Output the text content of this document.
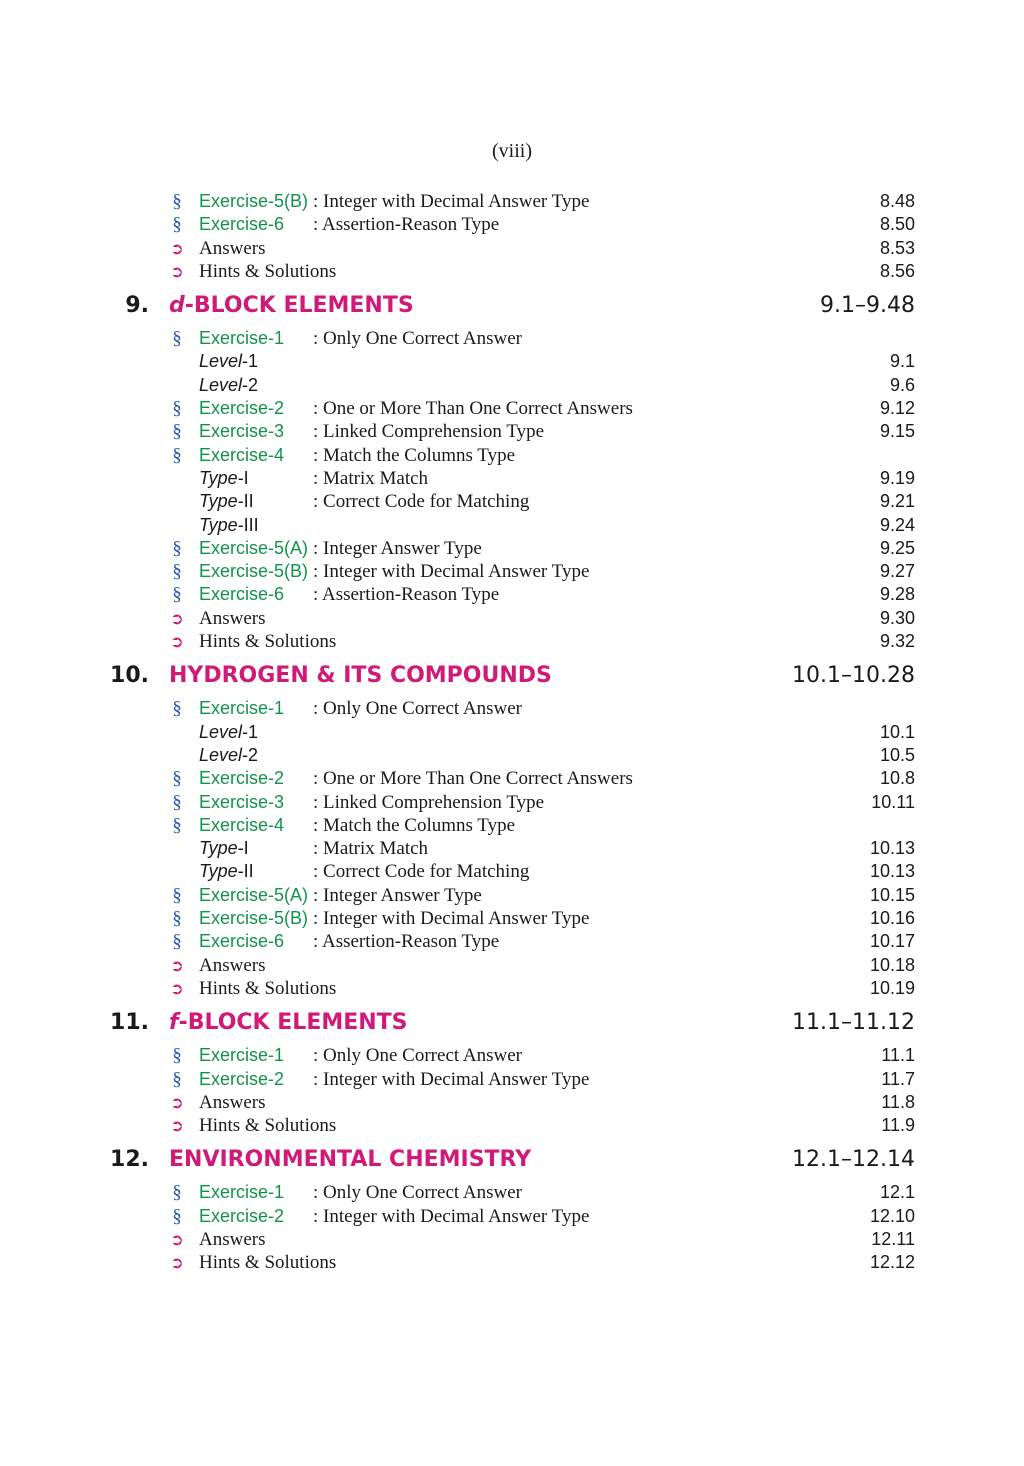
(viii)
§ Exercise-5(B) : Integer with Decimal Answer Type	8.48
§ Exercise-6 : Assertion-Reason Type	8.50
➲ Answers	8.53
➲ Hints & Solutions	8.56
9. d-BLOCK ELEMENTS	9.1–9.48
§ Exercise-1 : Only One Correct Answer
Level-1	9.1
Level-2	9.6
§ Exercise-2 : One or More Than One Correct Answers	9.12
§ Exercise-3 : Linked Comprehension Type	9.15
§ Exercise-4 : Match the Columns Type
Type-I	: Matrix Match	9.19
Type-II	: Correct Code for Matching	9.21
Type-III	9.24
§ Exercise-5(A) : Integer Answer Type	9.25
§ Exercise-5(B) : Integer with Decimal Answer Type	9.27
§ Exercise-6 : Assertion-Reason Type	9.28
➲ Answers	9.30
➲ Hints & Solutions	9.32
10. HYDROGEN & ITS COMPOUNDS	10.1–10.28
§ Exercise-1 : Only One Correct Answer
Level-1	10.1
Level-2	10.5
§ Exercise-2 : One or More Than One Correct Answers	10.8
§ Exercise-3 : Linked Comprehension Type	10.11
§ Exercise-4 : Match the Columns Type
Type-I	: Matrix Match	10.13
Type-II	: Correct Code for Matching	10.13
§ Exercise-5(A) : Integer Answer Type	10.15
§ Exercise-5(B) : Integer with Decimal Answer Type	10.16
§ Exercise-6 : Assertion-Reason Type	10.17
➲ Answers	10.18
➲ Hints & Solutions	10.19
11. f-BLOCK ELEMENTS	11.1–11.12
§ Exercise-1 : Only One Correct Answer	11.1
§ Exercise-2 : Integer with Decimal Answer Type	11.7
➲ Answers	11.8
➲ Hints & Solutions	11.9
12. ENVIRONMENTAL CHEMISTRY	12.1–12.14
§ Exercise-1 : Only One Correct Answer	12.1
§ Exercise-2 : Integer with Decimal Answer Type	12.10
➲ Answers	12.11
➲ Hints & Solutions	12.12
